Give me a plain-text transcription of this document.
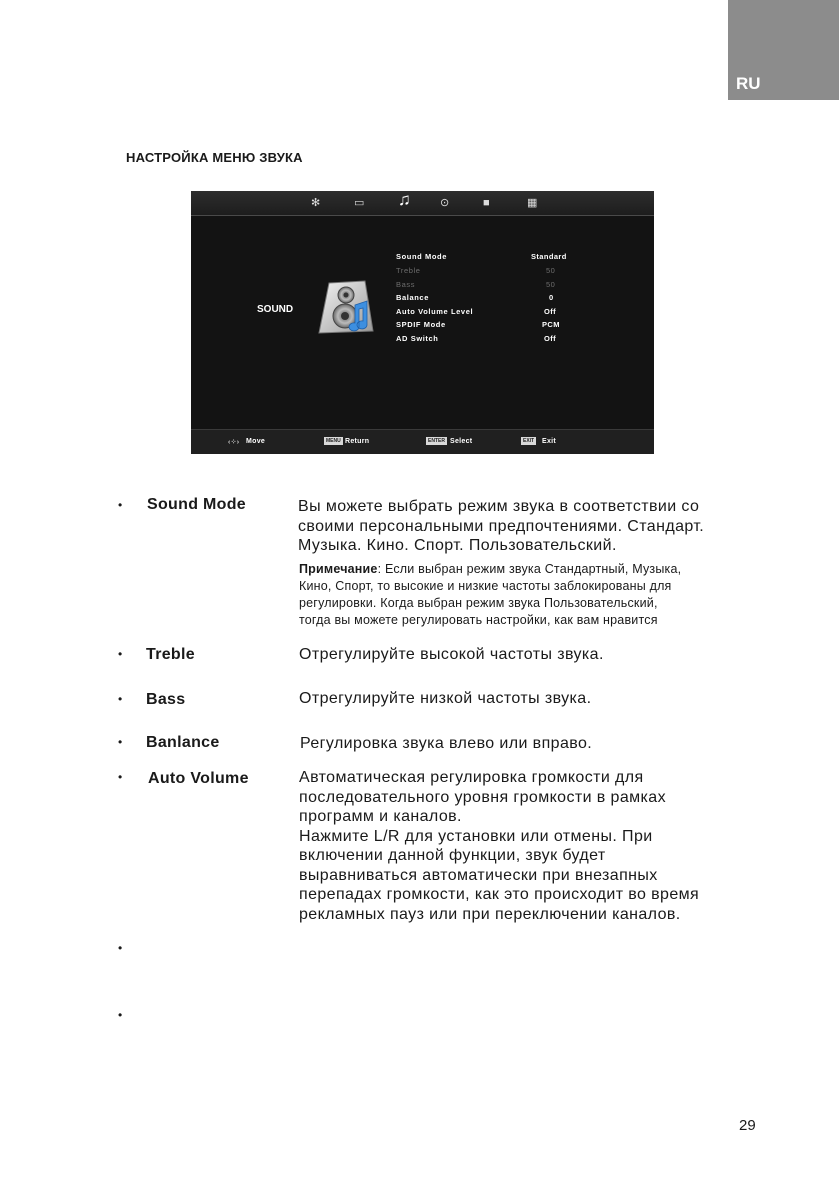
RU
НАСТРОЙКА МЕНЮ ЗВУКА
✻	▭ ♫	⊙	■	▦
SOUND
Sound Mode	Standard
Treble	50
Bass	50
Balance	0
Auto Volume Level	Off
SPDIF Mode	PCM
AD Switch	Off
‹⁘› Move	MENU Return	ENTER Select	EXIT Exit
• Sound Mode	Вы можете выбрать режим звука в соответствии со
своими персональными предпочтениями. Стандарт.
Музыка. Кино. Спорт. Пользовательский.
Примечание: Если выбран режим звука Стандартный, Музыка,
Кино, Спорт, то высокие и низкие частоты заблокированы для
регулировки. Когда выбран режим звука Пользовательский,
тогда вы можете регулировать настройки, как вам нравится
• Treble	Отрегулируйте высокой частоты звука.
• Bass	Отрегулируйте низкой частоты звука.
• Banlance	Регулировка звука влево или вправо.
• Auto Volume	Автоматическая регулировка громкости для
последовательного уровня громкости в рамках
программ и каналов.
Нажмите L/R для установки или отмены. При
включении данной функции, звук будет
выравниваться автоматически при внезапных
перепадах громкости, как это происходит во время
рекламных пауз или при переключении каналов.
•
•
29
